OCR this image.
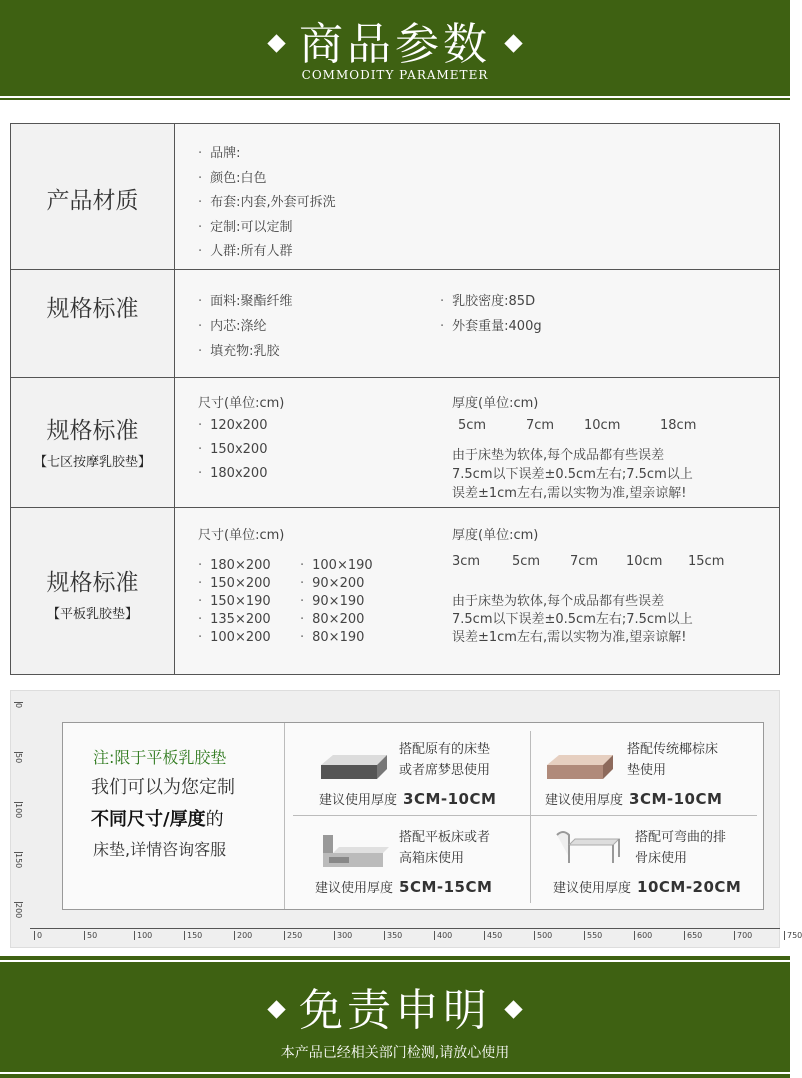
商品参数
COMMODITY PARAMETER
产品材质
· 品牌:
· 颜色:白色
· 布套:内套,外套可拆洗
· 定制:可以定制
· 人群:所有人群
规格标准
·	面料:聚酯纤维
· 内芯:涤纶
· 填充物:乳胶
· 乳胶密度:85D
· 外套重量:400g
规格标准
【七区按摩乳胶垫】
尺寸(单位:cm)
· 120x200
· 150x200
· 180x200
厚度(单位:cm)
5cm	7cm 10cm	18cm
由于床垫为软体,每个成品都有些误差
7.5cm以下误差±0.5cm左右;7.5cm以上
误差±1cm左右,需以实物为准,望亲谅解!
规格标准
【平板乳胶垫】
尺寸(单位:cm)
· 180×200
· 150×200
· 150×190
· 135×200
· 100×200
· 100×190
· 90×200
· 90×190
· 80×200
· 80×190
厚度(单位:cm)
3cm 5cm 7cm 10cm 15cm
由于床垫为软体,每个成品都有些误差
7.5cm以下误差±0.5cm左右;7.5cm以上
误差±1cm左右,需以实物为准,望亲谅解!
0
50
100
150
200
0	50	100	150	200	250	300	350	400	450	500	550	600	650	700	750
注:限于平板乳胶垫
我们可以为您定制
不同尺寸/厚度的
床垫,详情咨询客服
搭配原有的床垫
或者席梦思使用
建议使用厚度 3CM-10CM
搭配传统椰棕床
垫使用
建议使用厚度 3CM-10CM
搭配平板床或者
高箱床使用
建议使用厚度 5CM-15CM
搭配可弯曲的排
骨床使用
建议使用厚度 10CM-20CM
免责申明
本产品已经相关部门检测,请放心使用
